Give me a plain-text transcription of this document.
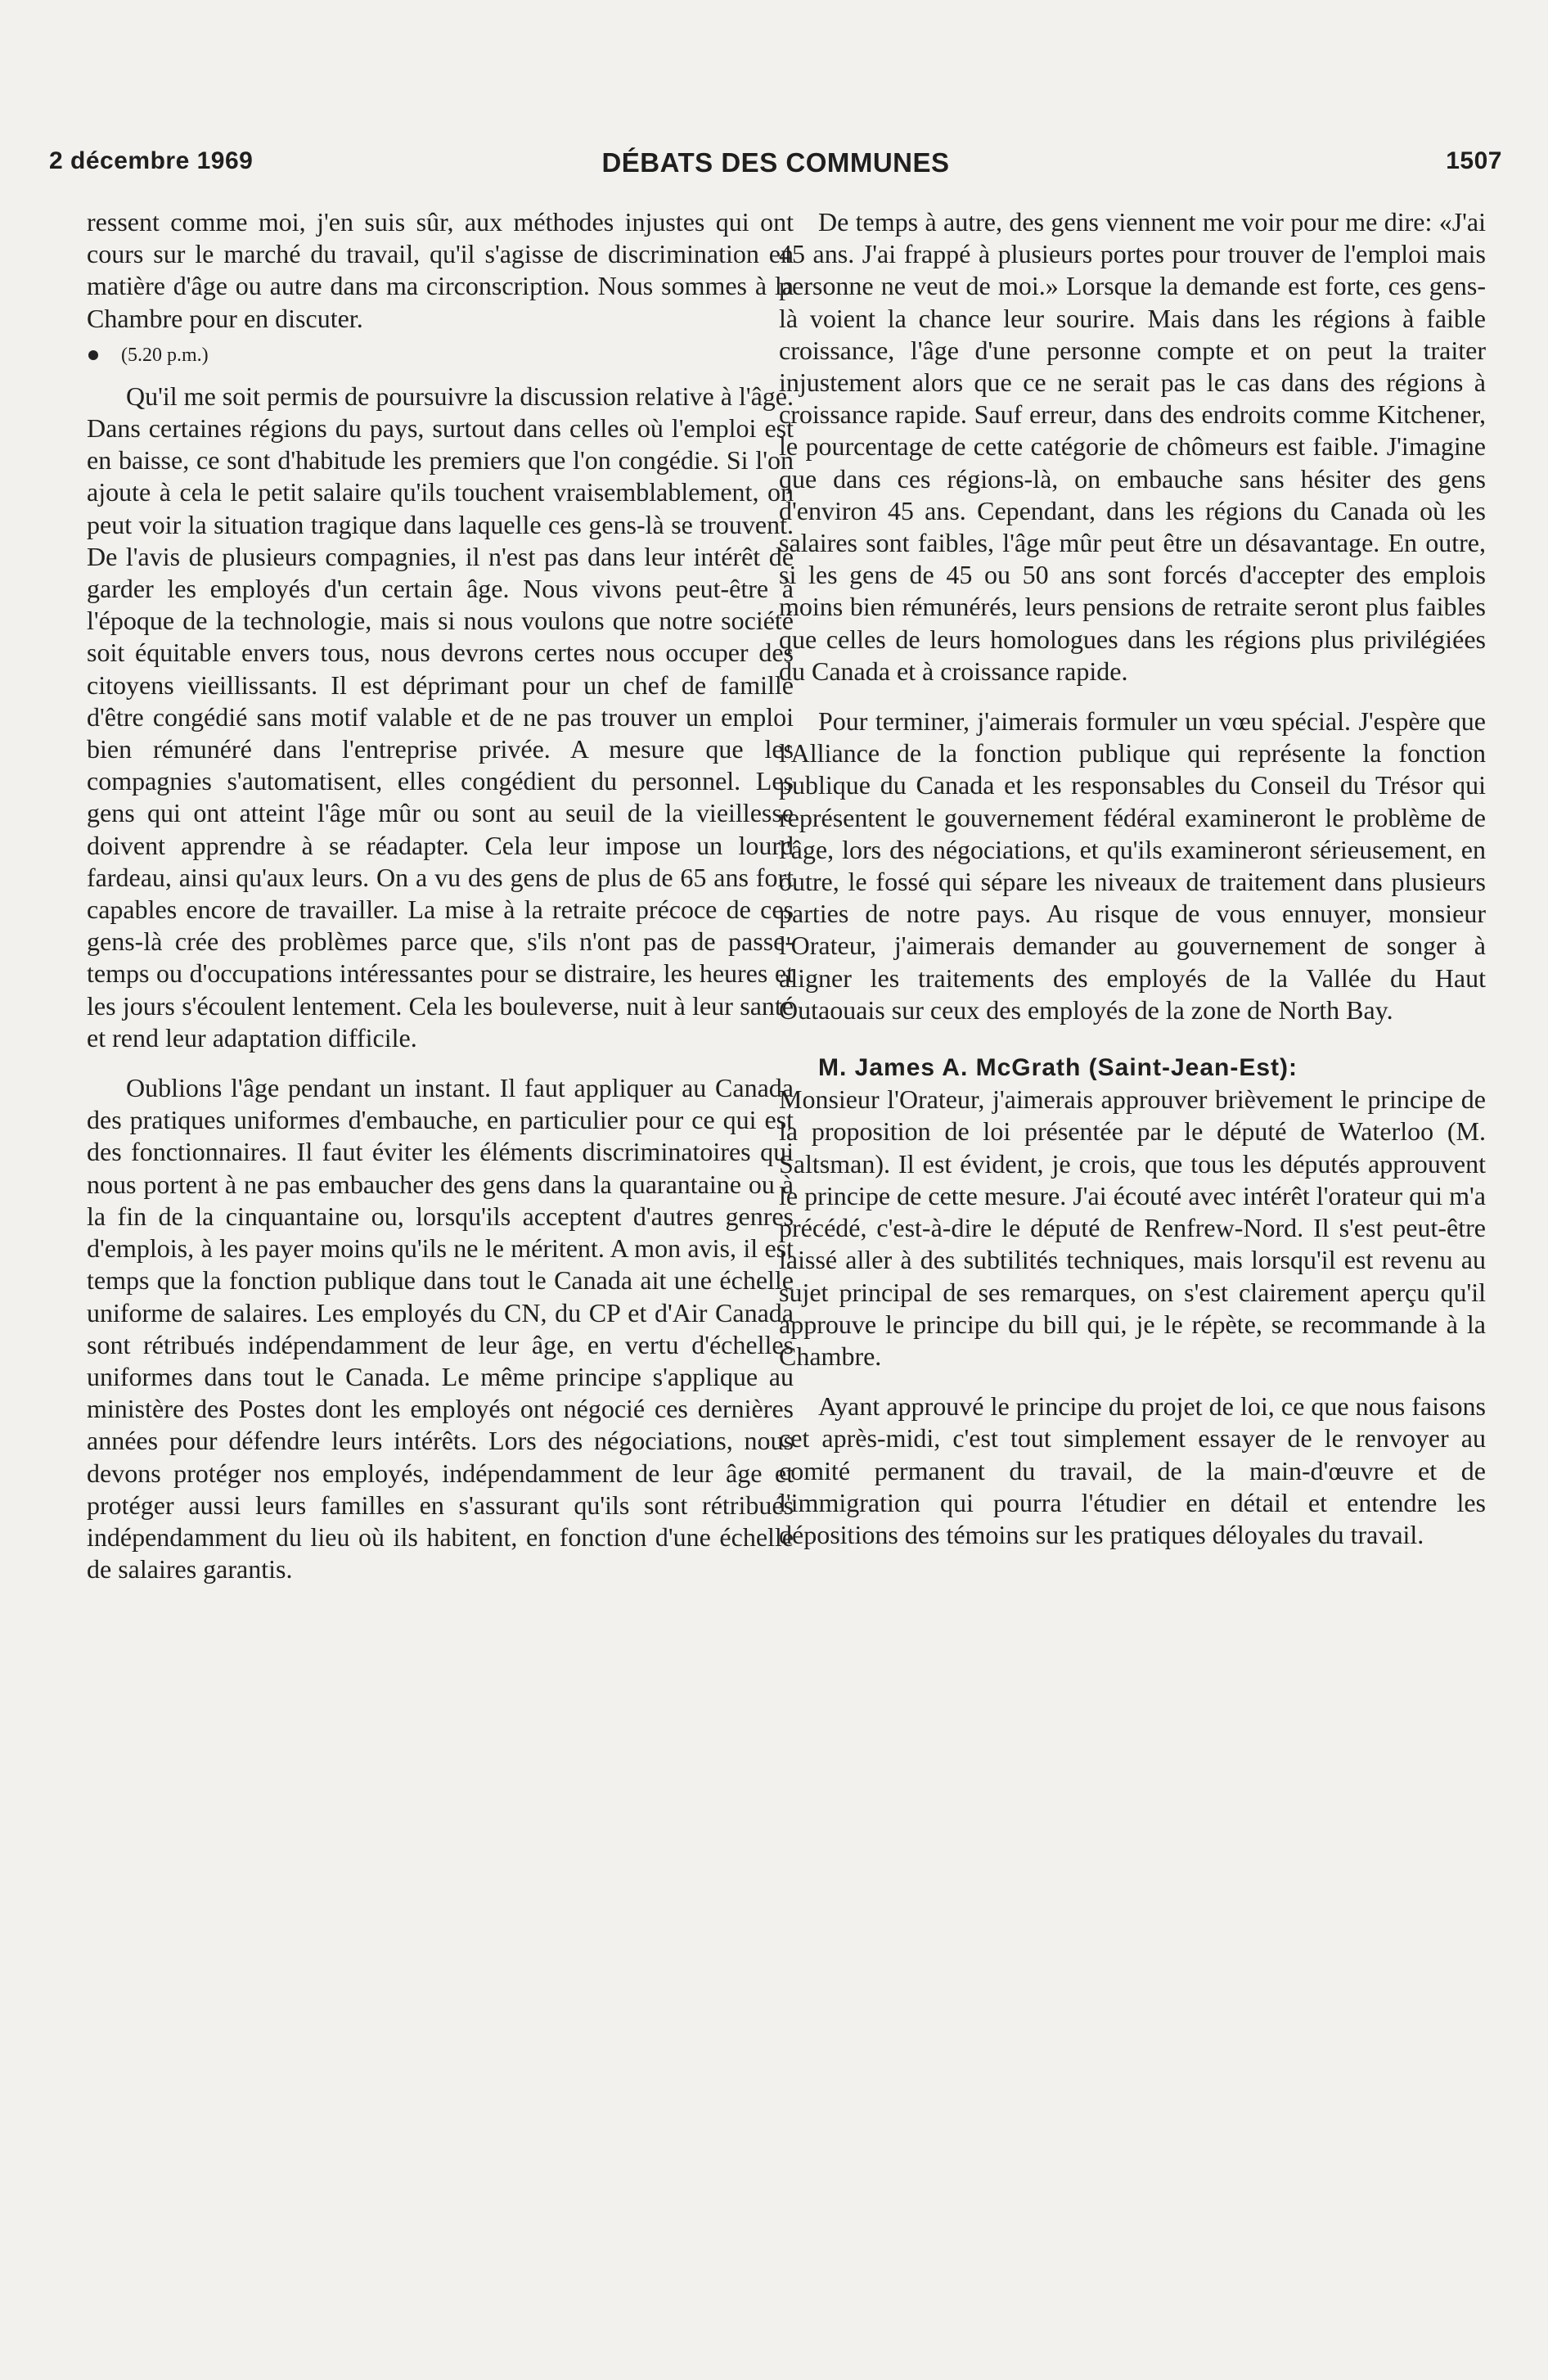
2 décembre 1969	DÉBATS DES COMMUNES	1507

ressent comme moi, j'en suis sûr, aux méthodes injustes qui ont cours sur le marché du travail, qu'il s'agisse de discrimination en matière d'âge ou autre dans ma circonscription. Nous sommes à la Chambre pour en discuter.

(5.20 p.m.)

Qu'il me soit permis de poursuivre la discussion relative à l'âge. Dans certaines régions du pays, surtout dans celles où l'emploi est en baisse, ce sont d'habitude les premiers que l'on congédie. Si l'on ajoute à cela le petit salaire qu'ils touchent vraisemblablement, on peut voir la situation tragique dans laquelle ces gens-là se trouvent. De l'avis de plusieurs compagnies, il n'est pas dans leur intérêt de garder les employés d'un certain âge. Nous vivons peut-être à l'époque de la technologie, mais si nous voulons que notre société soit équitable envers tous, nous devrons certes nous occuper des citoyens vieillissants. Il est déprimant pour un chef de famille d'être congédié sans motif valable et de ne pas trouver un emploi bien rémunéré dans l'entreprise privée. A mesure que les compagnies s'automatisent, elles congédient du personnel. Les gens qui ont atteint l'âge mûr ou sont au seuil de la vieillesse doivent apprendre à se réadapter. Cela leur impose un lourd fardeau, ainsi qu'aux leurs. On a vu des gens de plus de 65 ans fort capables encore de travailler. La mise à la retraite précoce de ces gens-là crée des problèmes parce que, s'ils n'ont pas de passe-temps ou d'occupations intéressantes pour se distraire, les heures et les jours s'écoulent lentement. Cela les bouleverse, nuit à leur santé et rend leur adaptation difficile.

Oublions l'âge pendant un instant. Il faut appliquer au Canada des pratiques uniformes d'embauche, en particulier pour ce qui est des fonctionnaires. Il faut éviter les éléments discriminatoires qui nous portent à ne pas embaucher des gens dans la quarantaine ou à la fin de la cinquantaine ou, lorsqu'ils acceptent d'autres genres d'emplois, à les payer moins qu'ils ne le méritent. A mon avis, il est temps que la fonction publique dans tout le Canada ait une échelle uniforme de salaires. Les employés du CN, du CP et d'Air Canada sont rétribués indépendamment de leur âge, en vertu d'échelles uniformes dans tout le Canada. Le même principe s'applique au ministère des Postes dont les employés ont négocié ces dernières années pour défendre leurs intérêts. Lors des négociations, nous devons protéger nos employés, indépendamment de leur âge et protéger aussi leurs familles en s'assurant qu'ils sont rétribués indépendamment du lieu où ils habitent, en fonction d'une échelle de salaires garantis.

De temps à autre, des gens viennent me voir pour me dire: «J'ai 45 ans. J'ai frappé à plusieurs portes pour trouver de l'emploi mais personne ne veut de moi.» Lorsque la demande est forte, ces gens-là voient la chance leur sourire. Mais dans les régions à faible croissance, l'âge d'une personne compte et on peut la traiter injustement alors que ce ne serait pas le cas dans des régions à croissance rapide. Sauf erreur, dans des endroits comme Kitchener, le pourcentage de cette catégorie de chômeurs est faible. J'imagine que dans ces régions-là, on embauche sans hésiter des gens d'environ 45 ans. Cependant, dans les régions du Canada où les salaires sont faibles, l'âge mûr peut être un désavantage. En outre, si les gens de 45 ou 50 ans sont forcés d'accepter des emplois moins bien rémunérés, leurs pensions de retraite seront plus faibles que celles de leurs homologues dans les régions plus privilégiées du Canada et à croissance rapide.

Pour terminer, j'aimerais formuler un vœu spécial. J'espère que l'Alliance de la fonction publique qui représente la fonction publique du Canada et les responsables du Conseil du Trésor qui représentent le gouvernement fédéral examineront le problème de l'âge, lors des négociations, et qu'ils examineront sérieusement, en outre, le fossé qui sépare les niveaux de traitement dans plusieurs parties de notre pays. Au risque de vous ennuyer, monsieur l'Orateur, j'aimerais demander au gouvernement de songer à aligner les traitements des employés de la Vallée du Haut Outaouais sur ceux des employés de la zone de North Bay.

M. James A. McGrath (Saint-Jean-Est):

Monsieur l'Orateur, j'aimerais approuver brièvement le principe de la proposition de loi présentée par le député de Waterloo (M. Saltsman). Il est évident, je crois, que tous les députés approuvent le principe de cette mesure. J'ai écouté avec intérêt l'orateur qui m'a précédé, c'est-à-dire le député de Renfrew-Nord. Il s'est peut-être laissé aller à des subtilités techniques, mais lorsqu'il est revenu au sujet principal de ses remarques, on s'est clairement aperçu qu'il approuve le principe du bill qui, je le répète, se recommande à la Chambre.

Ayant approuvé le principe du projet de loi, ce que nous faisons cet après-midi, c'est tout simplement essayer de le renvoyer au comité permanent du travail, de la main-d'œuvre et de l'immigration qui pourra l'étudier en détail et entendre les dépositions des témoins sur les pratiques déloyales du travail.
